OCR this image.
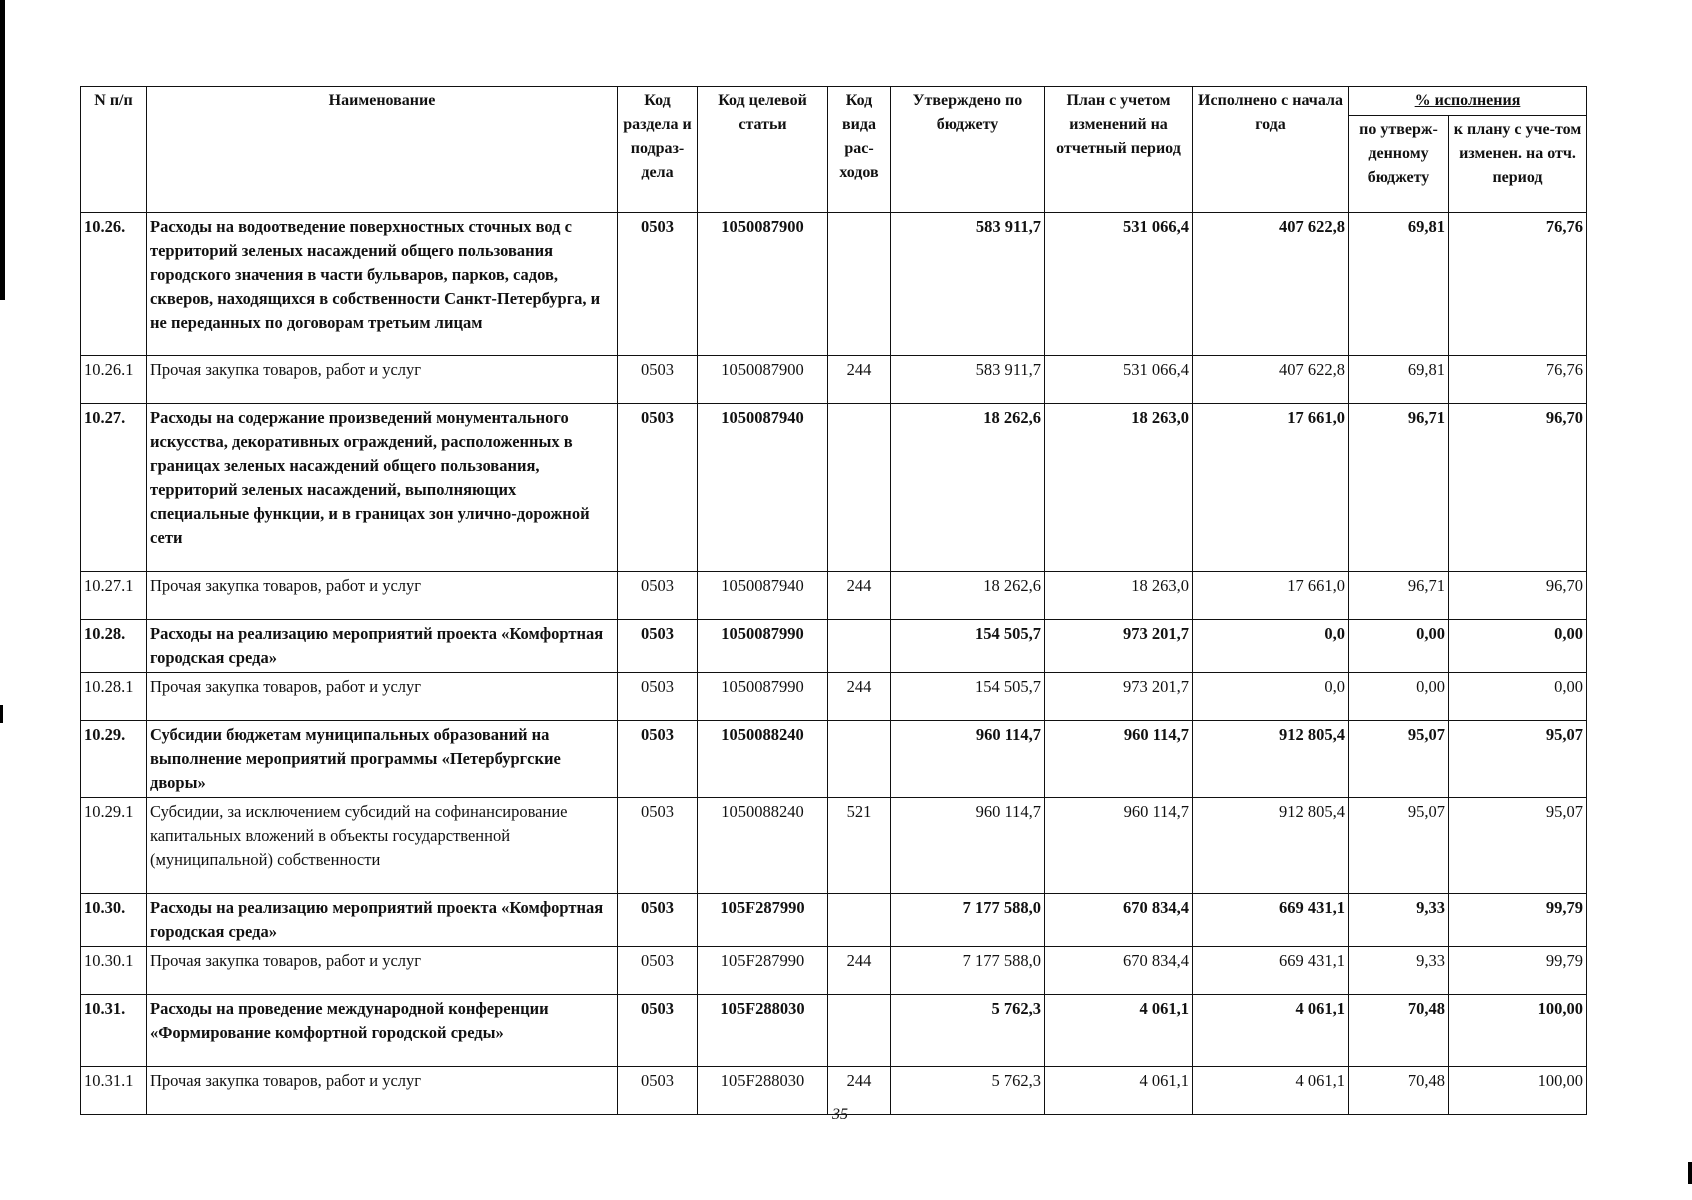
N п/п	Наименование	Код раздела и подраз-дела	Код целевой статьи	Код вида рас-ходов	Утверждено по бюджету	План с учетом изменений на отчетный период	Исполнено с начала года	% исполнения	
								по утверж-денному бюджету	к плану с уче-том изменен. на отч. период
10.26.	Расходы на водоотведение поверхностных сточных вод с территорий зеленых насаждений общего пользования городского значения в части бульваров, парков, садов, скверов, находящихся в собственности Санкт-Петербурга, и не переданных по договорам третьим лицам	0503	1050087900		583 911,7	531 066,4	407 622,8	69,81	76,76
10.26.1	Прочая закупка товаров, работ и услуг	0503	1050087900	244	583 911,7	531 066,4	407 622,8	69,81	76,76
10.27.	Расходы на содержание произведений монументального искусства, декоративных ограждений, расположенных в границах зеленых насаждений общего пользования, территорий зеленых насаждений, выполняющих специальные функции, и в границах зон улично-дорожной сети	0503	1050087940		18 262,6	18 263,0	17 661,0	96,71	96,70
10.27.1	Прочая закупка товаров, работ и услуг	0503	1050087940	244	18 262,6	18 263,0	17 661,0	96,71	96,70
10.28.	Расходы на реализацию мероприятий проекта «Комфортная городская среда»	0503	1050087990		154 505,7	973 201,7	0,0	0,00	0,00
10.28.1	Прочая закупка товаров, работ и услуг	0503	1050087990	244	154 505,7	973 201,7	0,0	0,00	0,00
10.29.	Субсидии бюджетам муниципальных образований на выполнение мероприятий программы «Петербургские дворы»	0503	1050088240		960 114,7	960 114,7	912 805,4	95,07	95,07
10.29.1	Субсидии, за исключением субсидий на софинансирование капитальных вложений в объекты государственной (муниципальной) собственности	0503	1050088240	521	960 114,7	960 114,7	912 805,4	95,07	95,07
10.30.	Расходы на реализацию мероприятий проекта «Комфортная городская среда»	0503	105F287990		7 177 588,0	670 834,4	669 431,1	9,33	99,79
10.30.1	Прочая закупка товаров, работ и услуг	0503	105F287990	244	7 177 588,0	670 834,4	669 431,1	9,33	99,79
10.31.	Расходы на проведение международной конференции «Формирование комфортной городской среды»	0503	105F288030		5 762,3	4 061,1	4 061,1	70,48	100,00
10.31.1	Прочая закупка товаров, работ и услуг	0503	105F288030	244	5 762,3	4 061,1	4 061,1	70,48	100,00
35
